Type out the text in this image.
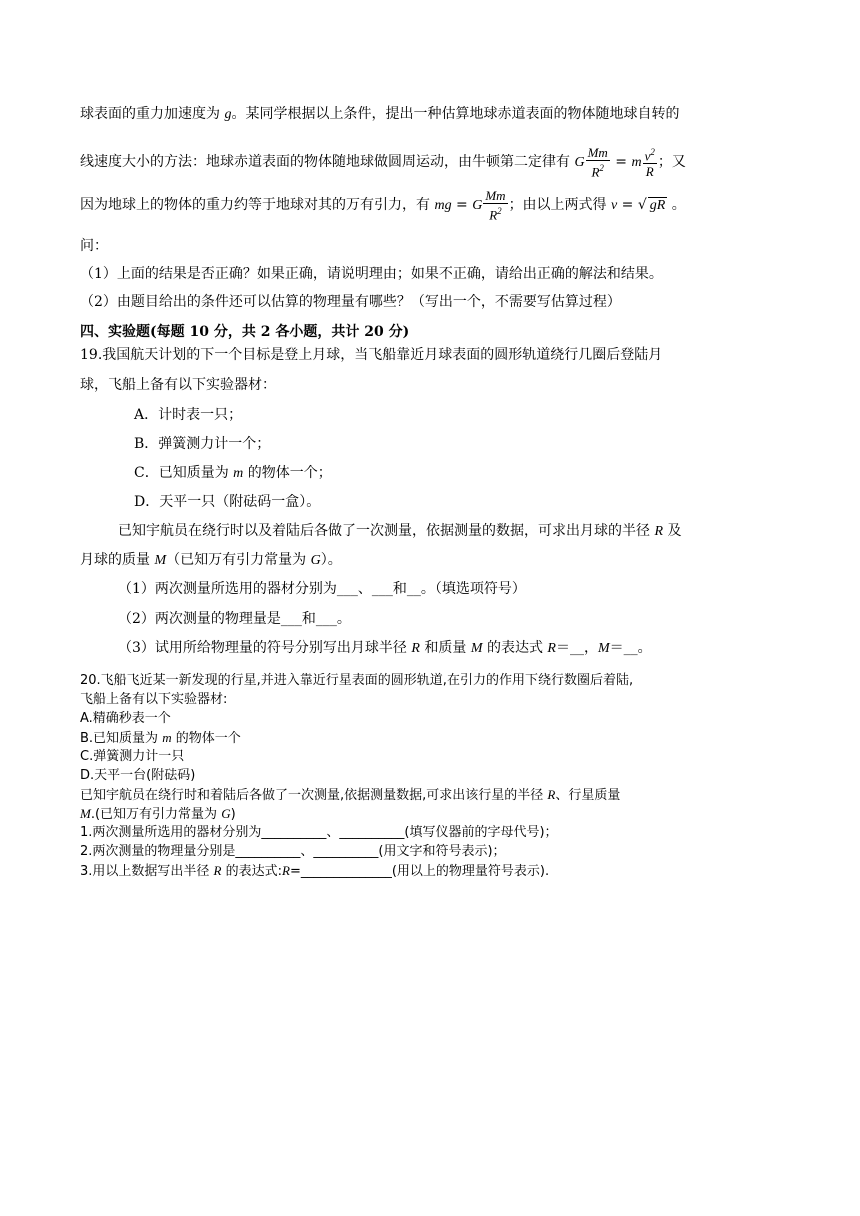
球表面的重力加速度为 g。某同学根据以上条件，提出一种估算地球赤道表面的物体随地球自转的
线速度大小的方法：地球赤道表面的物体随地球做圆周运动，由牛顿第二定律有 G $\frac{Mm}{R^2} = m \frac{v^2}{R}$ ；又
因为地球上的物体的重力约等于地球对其的万有引力，有 mg = G $\frac{Mm}{R^2}$ ；由以上两式得 v = √ gR 。
问：
（1）上面的结果是否正确？如果正确，请说明理由；如果不正确，请给出正确的解法和结果。
（2）由题目给出的条件还可以估算的物理量有哪些？（写出一个，不需要写估算过程）
四、实验题(每题 10 分，共 2 各小题，共计 20 分)
19.我国航天计划的下一个目标是登上月球，当飞船靠近月球表面的圆形轨道绕行几圈后登陆月
球，飞船上备有以下实验器材：
A．计时表一只；
B．弹簧测力计一个；
C．已知质量为 m 的物体一个；
D．天平一只（附砝码一盒）。
已知宇航员在绕行时以及着陆后各做了一次测量，依据测量的数据，可求出月球的半径 R 及
月球的质量 M（已知万有引力常量为 G）。
（1）两次测量所选用的器材分别为___、___和__。（填选项符号）
（2）两次测量的物理量是___和___。
（3）试用所给物理量的符号分别写出月球半径 R 和质量 M 的表达式 R＝__，M＝__。
20.飞船飞近某一新发现的行星,并进入靠近行星表面的圆形轨道,在引力的作用下绕行数圈后着陆,
飞船上备有以下实验器材:
A.精确秒表一个
B.已知质量为 m 的物体一个
C.弹簧测力计一只
D.天平一台(附砝码)
已知宇航员在绕行时和着陆后各做了一次测量,依据测量数据,可求出该行星的半径 R、行星质量
M.(已知万有引力常量为 G)
1.两次测量所选用的器材分别为__________、__________(填写仪器前的字母代号)；
2.两次测量的物理量分别是__________、__________(用文字和符号表示)；
3.用以上数据写出半径 R 的表达式:R=______________(用以上的物理量符号表示).
